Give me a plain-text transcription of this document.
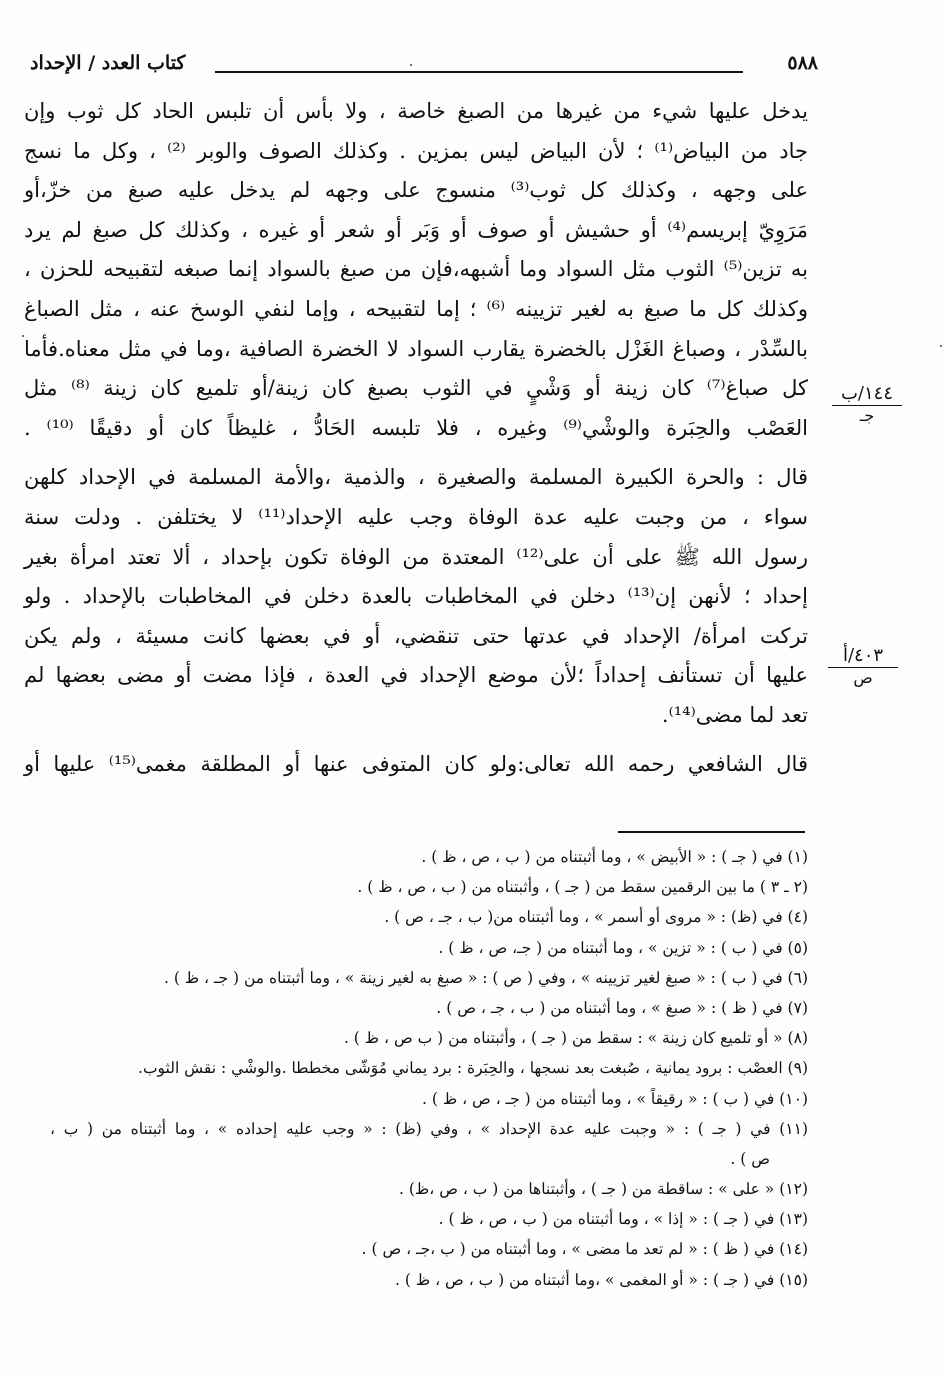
٥٨٨
كتاب العدد / الإحداد
١٤٤/ب
جـ
٤٠٣/أ
ص
يدخل عليها شيء من غيرها من الصبغ خاصة ، ولا بأس أن تلبس الحاد كل ثوب وإن
جاد من البياض⁽¹⁾ ؛ لأن البياض ليس بمزين . وكذلك الصوف والوبر ⁽²⁾ ، وكل ما نسج
على وجهه ، وكذلك كل ثوب⁽³⁾ منسوج على وجهه لم يدخل عليه صبغ من خزّ،أو
مَرَوِيّ إبريسم⁽⁴⁾ أو حشيش أو صوف أو وَبَر أو شعر أو غيره ، وكذلك كل صبغ لم يرد
به تزين⁽⁵⁾ الثوب مثل السواد وما أشبهه،فإن من صبغ بالسواد إنما صبغه لتقبيحه للحزن ،
وكذلك كل ما صبغ به لغير تزيينه ⁽⁶⁾ ؛ إما لتقبيحه ، وإما لنفي الوسخ عنه ، مثل الصباغ
بالسِّدْر ، وصباغ الغَزْل بالخضرة يقارب السواد لا الخضرة الصافية ،وما في مثل معناه.فأما
كل صباغ⁽⁷⁾ كان زينة أو وَشْيٍ في الثوب بصبغ كان زينة/أو تلميع كان زينة ⁽⁸⁾ مثل
العَصْب والحِبَرة والوشْي⁽⁹⁾ وغيره ، فلا تلبسه الحَادُّ ، غليظاً كان أو دقيقًا ⁽¹⁰⁾ .
قال : والحرة الكبيرة المسلمة والصغيرة ، والذمية ،والأمة المسلمة في الإحداد كلهن
سواء ، من وجبت عليه عدة الوفاة وجب عليه الإحداد⁽¹¹⁾ لا يختلفن . ودلت سنة
رسول الله ﷺ على أن على⁽¹²⁾ المعتدة من الوفاة تكون بإحداد ، ألا تعتد امرأة بغير
إحداد ؛ لأنهن إن⁽¹³⁾ دخلن في المخاطبات بالعدة دخلن في المخاطبات بالإحداد . ولو
تركت امرأة/ الإحداد في عدتها حتى تنقضي، أو في بعضها كانت مسيئة ، ولم يكن
عليها أن تستأنف إحداداً ؛لأن موضع الإحداد في العدة ، فإذا مضت أو مضى بعضها لم
تعد لما مضى⁽¹⁴⁾.
قال الشافعي رحمه الله تعالى:ولو كان المتوفى عنها أو المطلقة مغمى⁽¹⁵⁾ عليها أو
(١) في ( جـ ) : « الأبيض » ، وما أثبتناه من ( ب ، ص ، ظ ) .
(٢ ـ ٣ ) ما بين الرقمين سقط من ( جـ ) ، وأثبتناه من ( ب ، ص ، ظ ) .
(٤) في (ظ) : « مروى أو أسمر » ، وما أثبتناه من( ب ، جـ ، ص ) .
(٥) في ( ب ) : « تزين » ، وما أثبتناه من ( جـ، ص ، ظ ) .
(٦) في ( ب ) : « صبغ لغير تزيينه » ، وفي ( ص ) : « صبغ به لغير زينة » ، وما أثبتناه من ( جـ ، ظ ) .
(٧) في ( ظ ) : « صبغ » ، وما أثبتناه من ( ب ، جـ ، ص ) .
(٨) « أو تلميع كان زينة » : سقط من ( جـ ) ، وأثبتناه من ( ب ص ، ظ ) .
(٩) العصْب : برود يمانية ، صُبغت بعد نسجها ، والحِبَرة : برد يماني مُوَشّى مخططا .والوشْي : نقش الثوب.
(١٠) في ( ب ) : « رقيقاً » ، وما أثبتناه من ( جـ ، ص ، ظ ) .
(١١) في ( جـ ) : « وجبت عليه عدة الإحداد » ، وفي (ظ) : « وجب عليه إحداده » ، وما أثبتناه من ( ب ،
ص ) .
(١٢) « على » : ساقطة من ( جـ ) ، وأثبتناها من ( ب ، ص ،ظ) .
(١٣) في ( جـ ) : « إذا » ، وما أثبتناه من ( ب ، ص ، ظ ) .
(١٤) في ( ظ ) : « لم تعد ما مضى » ، وما أثبتناه من ( ب ،جـ ، ص ) .
(١٥) في ( جـ ) : « أو المغمى » ،وما أثبتناه من ( ب ، ص ، ظ ) .
